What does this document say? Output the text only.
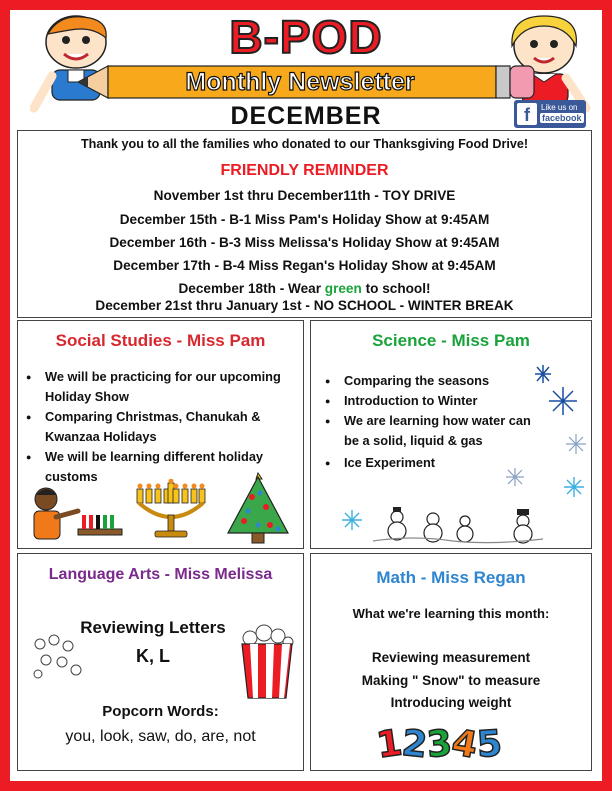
B-POD
Monthly Newsletter
DECEMBER	f	Like us on
facebook
Thank you to all the families who donated to our Thanksgiving Food Drive!
FRIENDLY REMINDER
November 1st thru December11th - TOY DRIVE
December 15th - B-1 Miss Pam's Holiday Show at 9:45AM
December 16th - B-3 Miss Melissa's Holiday Show at 9:45AM
December 17th - B-4 Miss Regan's Holiday Show at 9:45AM
December 18th - Wear green to school!
December 21st thru January 1st - NO SCHOOL - WINTER BREAK
Social Studies - Miss Pam
● We will be practicing for our upcoming Holiday Show
● Comparing Christmas, Chanukah & Kwanzaa Holidays
● We will be learning different holiday customs
Science - Miss Pam
● Comparing the seasons
● Introduction to Winter
● We are learning how water can be a solid, liquid & gas
● Ice Experiment
Language Arts - Miss Melissa
Reviewing Letters
K, L
Popcorn Words:
you, look, saw, do, are, not
Math - Miss Regan
What we're learning this month:
Reviewing measurement
Making " Snow" to measure
Introducing weight
12345
